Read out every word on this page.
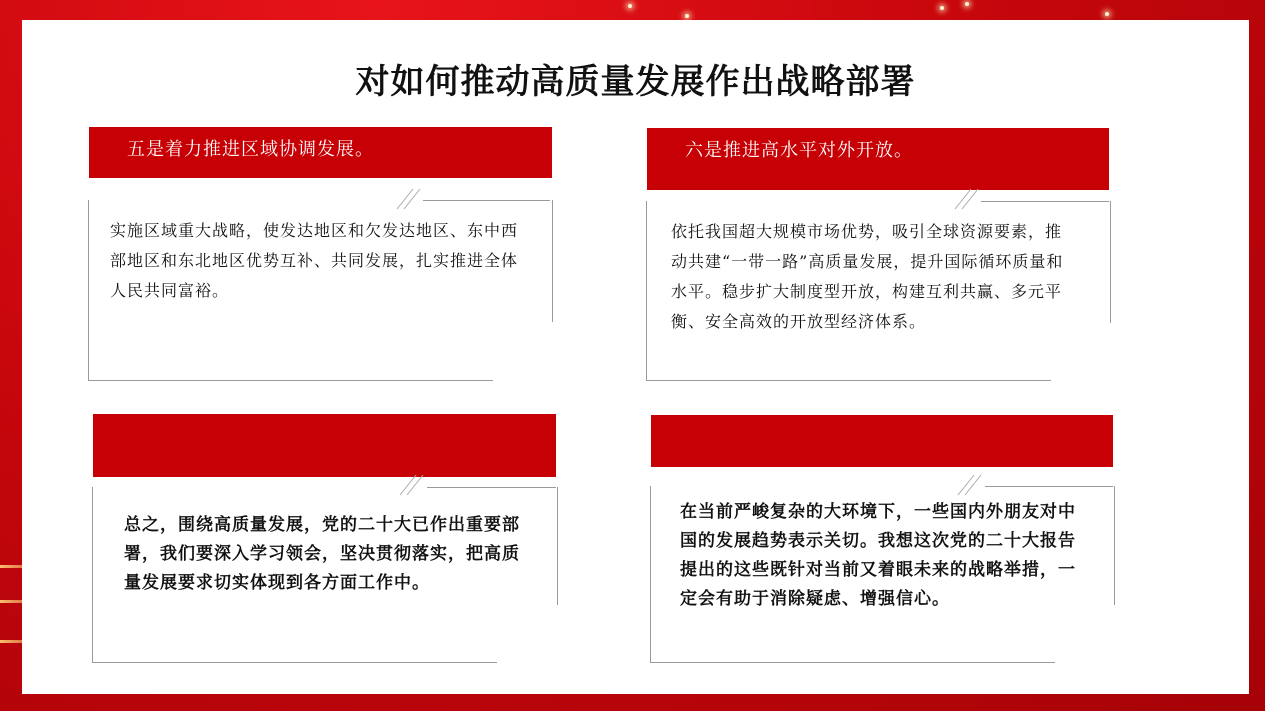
对如何推动高质量发展作出战略部署
五是着力推进区域协调发展。

实施区域重大战略，使发达地区和欠发达地区、东中西部地区和东北地区优势互补、共同发展，扎实推进全体人民共同富裕。

六是推进高水平对外开放。

依托我国超大规模市场优势，吸引全球资源要素，推动共建“一带一路”高质量发展，提升国际循环质量和水平。稳步扩大制度型开放，构建互利共赢、多元平衡、安全高效的开放型经济体系。

总之，围绕高质量发展，党的二十大已作出重要部署，我们要深入学习领会，坚决贯彻落实，把高质量发展要求切实体现到各方面工作中。

在当前严峻复杂的大环境下，一些国内外朋友对中国的发展趋势表示关切。我想这次党的二十大报告提出的这些既针对当前又着眼未来的战略举措，一定会有助于消除疑虑、增强信心。
